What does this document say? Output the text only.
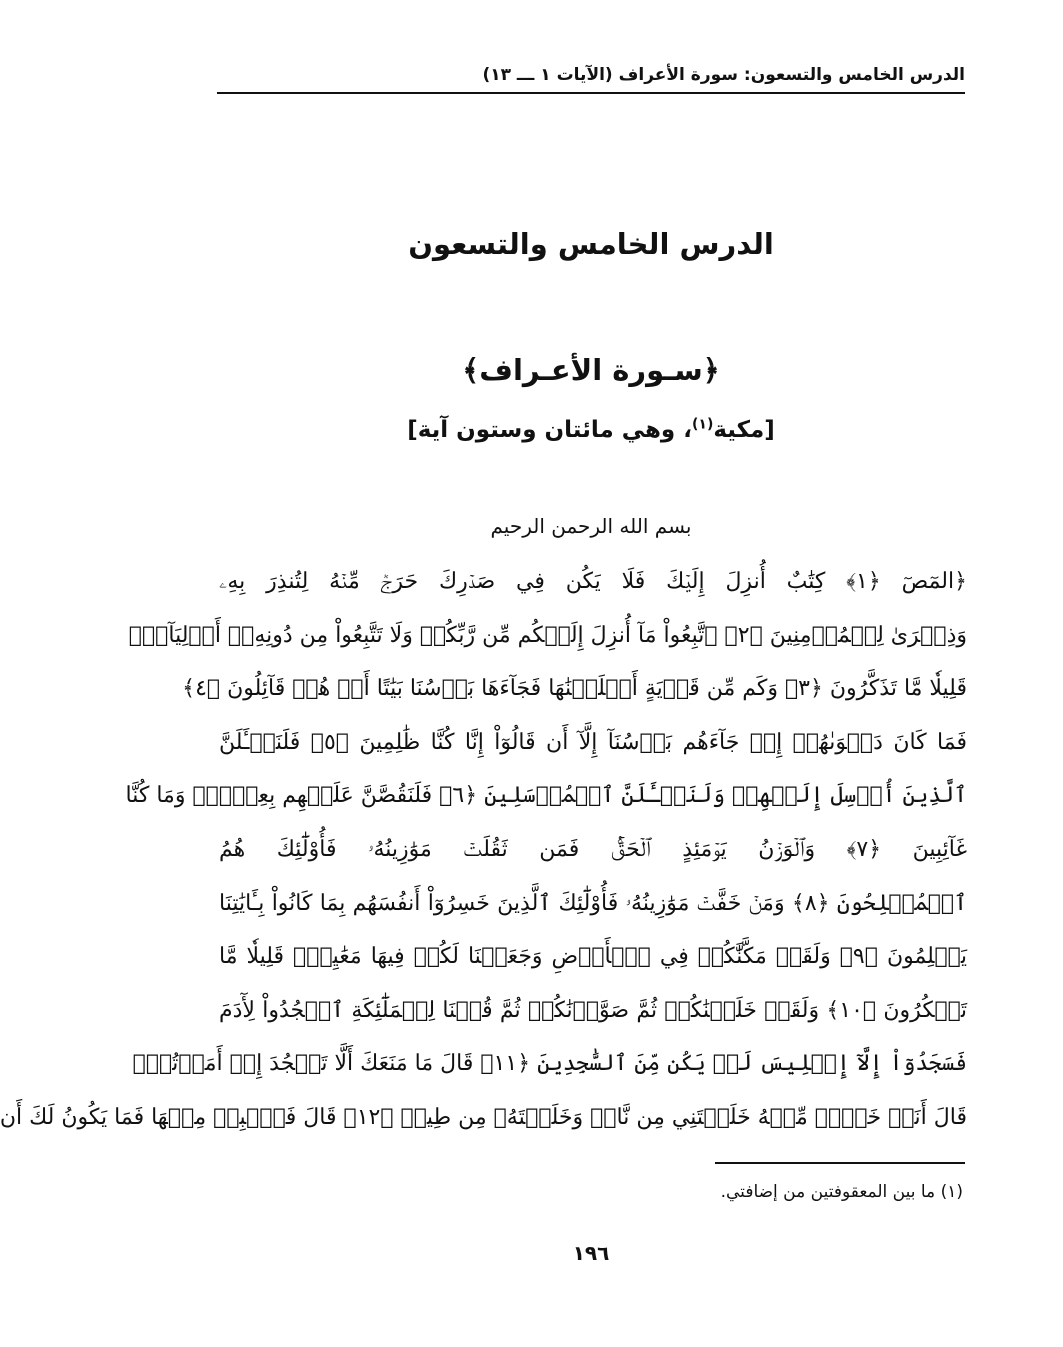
الدرس الخامس والتسعون: سورة الأعراف (الآيات ١ ـــ ١٣)
الدرس الخامس والتسعون
﴿سـورة الأعـراف﴾
[مكية$^{(١)}$، وهي مائتان وستون آية]
بسم الله الرحمن الرحيم
﴿المٓصٓ ﴿١﴾ كِتَٰبٌ أُنزِلَ إِلَيۡكَ فَلَا يَكُن فِي صَدۡرِكَ حَرَجٞ مِّنۡهُ لِتُنذِرَ بِهِۦ
وَذِكۡرَىٰ لِلۡمُؤۡمِنِينَ ﴿٢﴾ ٱتَّبِعُواْ مَآ أُنزِلَ إِلَيۡكُم مِّن رَّبِّكُمۡ وَلَا تَتَّبِعُواْ مِن دُونِهِۦٓ أَوۡلِيَآءَۗ
قَلِيلٗا مَّا تَذَكَّرُونَ ﴿٣﴾ وَكَم مِّن قَرۡيَةٍ أَهۡلَكۡنَٰهَا فَجَآءَهَا بَأۡسُنَا بَيَٰتًا أَوۡ هُمۡ قَآئِلُونَ ﴿٤﴾
فَمَا كَانَ دَعۡوَىٰهُمۡ إِذۡ جَآءَهُم بَأۡسُنَآ إِلَّآ أَن قَالُوٓاْ إِنَّا كُنَّا ظَٰلِمِينَ ﴿٥﴾ فَلَنَسۡـَٔلَنَّ
ٱلَّذِينَ أُرۡسِلَ إِلَيۡهِمۡ وَلَنَسۡـَٔلَنَّ ٱلۡمُرۡسَلِينَ ﴿٦﴾ فَلَنَقُصَّنَّ عَلَيۡهِم بِعِلۡمٖۖ وَمَا كُنَّا
غَآئِبِينَ ﴿٧﴾ وَٱلۡوَزۡنُ يَوۡمَئِذٍ ٱلۡحَقُّۚ فَمَن ثَقُلَتۡ مَوَٰزِينُهُۥ فَأُوْلَٰٓئِكَ هُمُ
ٱلۡمُفۡلِحُونَ ﴿٨﴾ وَمَنۡ خَفَّتۡ مَوَٰزِينُهُۥ فَأُوْلَٰٓئِكَ ٱلَّذِينَ خَسِرُوٓاْ أَنفُسَهُم بِمَا كَانُواْ بِـَٔايَٰتِنَا
يَظۡلِمُونَ ﴿٩﴾ وَلَقَدۡ مَكَّنَّٰكُمۡ فِي ٱلۡأَرۡضِ وَجَعَلۡنَا لَكُمۡ فِيهَا مَعَٰيِشَۗ قَلِيلٗا مَّا
تَشۡكُرُونَ ﴿١٠﴾ وَلَقَدۡ خَلَقۡنَٰكُمۡ ثُمَّ صَوَّرۡنَٰكُمۡ ثُمَّ قُلۡنَا لِلۡمَلَٰٓئِكَةِ ٱسۡجُدُواْ لِأٓدَمَ
فَسَجَدُوٓاْ إِلَّآ إِبۡلِيسَ لَمۡ يَكُن مِّنَ ٱلسَّٰجِدِينَ ﴿١١﴾ قَالَ مَا مَنَعَكَ أَلَّا تَسۡجُدَ إِذۡ أَمَرۡتُكَۖ
قَالَ أَنَا۠ خَيۡرٞ مِّنۡهُ خَلَقۡتَنِي مِن نَّارٖ وَخَلَقۡتَهُۥ مِن طِينٖ ﴿١٢﴾ قَالَ فَٱهۡبِطۡ مِنۡهَا فَمَا يَكُونُ لَكَ أَن
(١) ما بين المعقوفتين من إضافتي.
١٩٦
